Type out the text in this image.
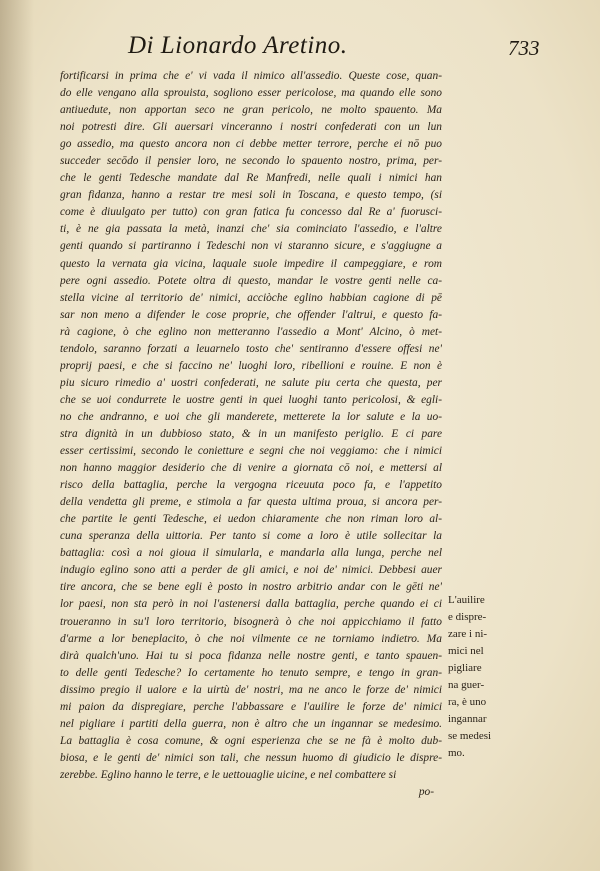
Di Lionardo Aretino.	733
fortificarsi in prima che e' vi vada il nimico all'assedio. Queste cose, quan-
do elle vengano alla sprouista, sogliono esser pericolose, ma quando elle sono
antiuedute, non apportan seco ne gran pericolo, ne molto spauento. Ma
noi potresti dire. Gli auersari vinceranno i nostri confederati con un lun
go assedio, ma questo ancora non ci debbe metter terrore, perche ei nō puo
succeder secōdo il pensier loro, ne secondo lo spauento nostro, prima, per-
che le genti Tedesche mandate dal Re Manfredi, nelle quali i nimici han
gran fidanza, hanno a restar tre mesi soli in Toscana, e questo tempo, (si
come è diuulgato per tutto) con gran fatica fu concesso dal Re a' fuorusci-
ti, è ne gia passata la metà, inanzi che' sia cominciato l'assedio, e l'altre
genti quando si partiranno i Tedeschi non vi staranno sicure, e s'aggiugne a
questo la vernata gia vicina, laquale suole impedire il campeggiare, e rom
pere ogni assedio. Potete oltra di questo, mandar le vostre genti nelle ca-
stella vicine al territorio de' nimici, acciòche eglino habbian cagione di pē
sar non meno a difender le cose proprie, che offender l'altrui, e questo fa-
rà cagione, ò che eglino non metteranno l'assedio a Mont' Alcino, ò met-
tendolo, saranno forzati a leuarnelo tosto che' sentiranno d'essere offesi ne'
proprij paesi, e che si faccino ne' luoghi loro, ribellioni e rouine. E non è
piu sicuro rimedio a' uostri confederati, ne salute piu certa che questa, per
che se uoi condurrete le uostre genti in quei luoghi tanto pericolosi, & egli-
no che andranno, e uoi che gli manderete, metterete la lor salute e la uo-
stra dignità in un dubbioso stato, & in un manifesto periglio. E ci pare
esser certissimi, secondo le conietture e segni che noi veggiamo: che i nimici
non hanno maggior desiderio che di venire a giornata cō noi, e mettersi al
risco della battaglia, perche la vergogna riceuuta poco fa, e l'appetito
della vendetta gli preme, e stimola a far questa ultima proua, si ancora per-
che partite le genti Tedesche, ei uedon chiaramente che non riman loro al-
cuna speranza della uittoria. Per tanto si come a loro è utile sollecitar la
battaglia: così a noi gioua il simularla, e mandarla alla lunga, perche nel
indugio eglino sono atti a perder de gli amici, e noi de' nimici. Debbesi auer
tire ancora, che se bene egli è posto in nostro arbitrio andar con le gēti ne'
lor paesi, non sta però in noi l'astenersi dalla battaglia, perche quando ei ci
troueranno in su'l loro territorio, bisognerà ò che noi appicchiamo il fatto
d'arme a lor beneplacito, ò che noi vilmente ce ne torniamo indietro. Ma
dirà qualch'uno. Hai tu si poca fidanza nelle nostre genti, e tanto spauen-
to delle genti Tedesche? Io certamente ho tenuto sempre, e tengo in gran-
dissimo pregio il ualore e la uirtù de' nostri, ma ne anco le forze de' nimici
mi paion da dispregiare, perche l'abbassare e l'auilire le forze de' nimici
nel pigliare i partiti della guerra, non è altro che un ingannar se medesimo.
La battaglia è cosa comune, & ogni esperienza che se ne fà è molto dub-
biosa, e le genti de' nimici son tali, che nessun huomo di giudicio le dispre-
zerebbe. Eglino hanno le terre, e le uettouaglie uicine, e nel combattere si
po-
L'auilire
e dispre-
zare i ni-
mici nel
pigliare
na guer-
ra, è uno
ingannar
se medesi
mo.
